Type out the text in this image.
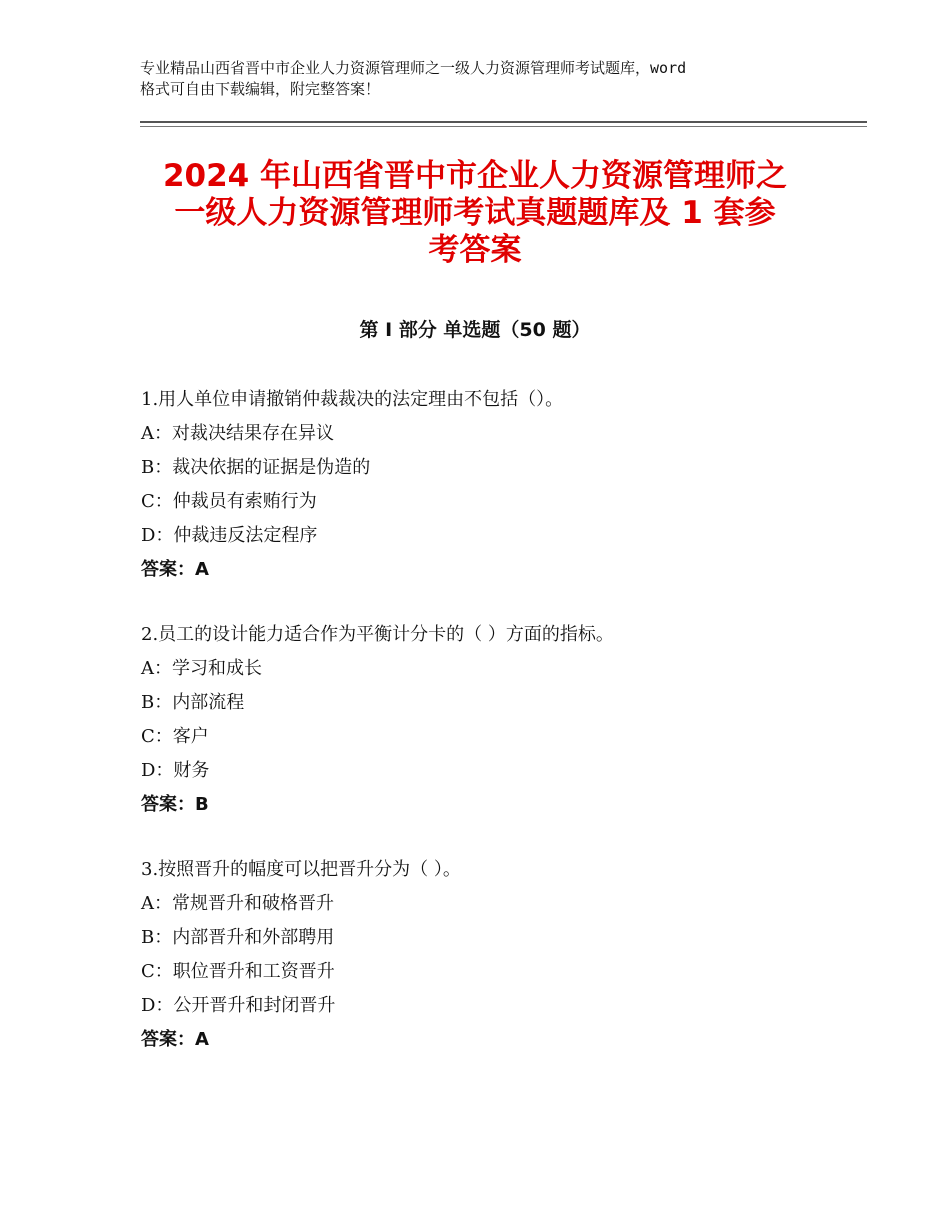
专业精品山西省晋中市企业人力资源管理师之一级人力资源管理师考试题库，word
格式可自由下载编辑，附完整答案！
2024 年山西省晋中市企业人力资源管理师之
一级人力资源管理师考试真题题库及 1 套参
考答案
第 I 部分 单选题（50 题）
1.用人单位申请撤销仲裁裁决的法定理由不包括（）。
A：对裁决结果存在异议
B：裁决依据的证据是伪造的
C：仲裁员有索贿行为
D：仲裁违反法定程序
答案：A
2.员工的设计能力适合作为平衡计分卡的（ ）方面的指标。
A：学习和成长
B：内部流程
C：客户
D：财务
答案：B
3.按照晋升的幅度可以把晋升分为（ ）。
A：常规晋升和破格晋升
B：内部晋升和外部聘用
C：职位晋升和工资晋升
D：公开晋升和封闭晋升
答案：A
